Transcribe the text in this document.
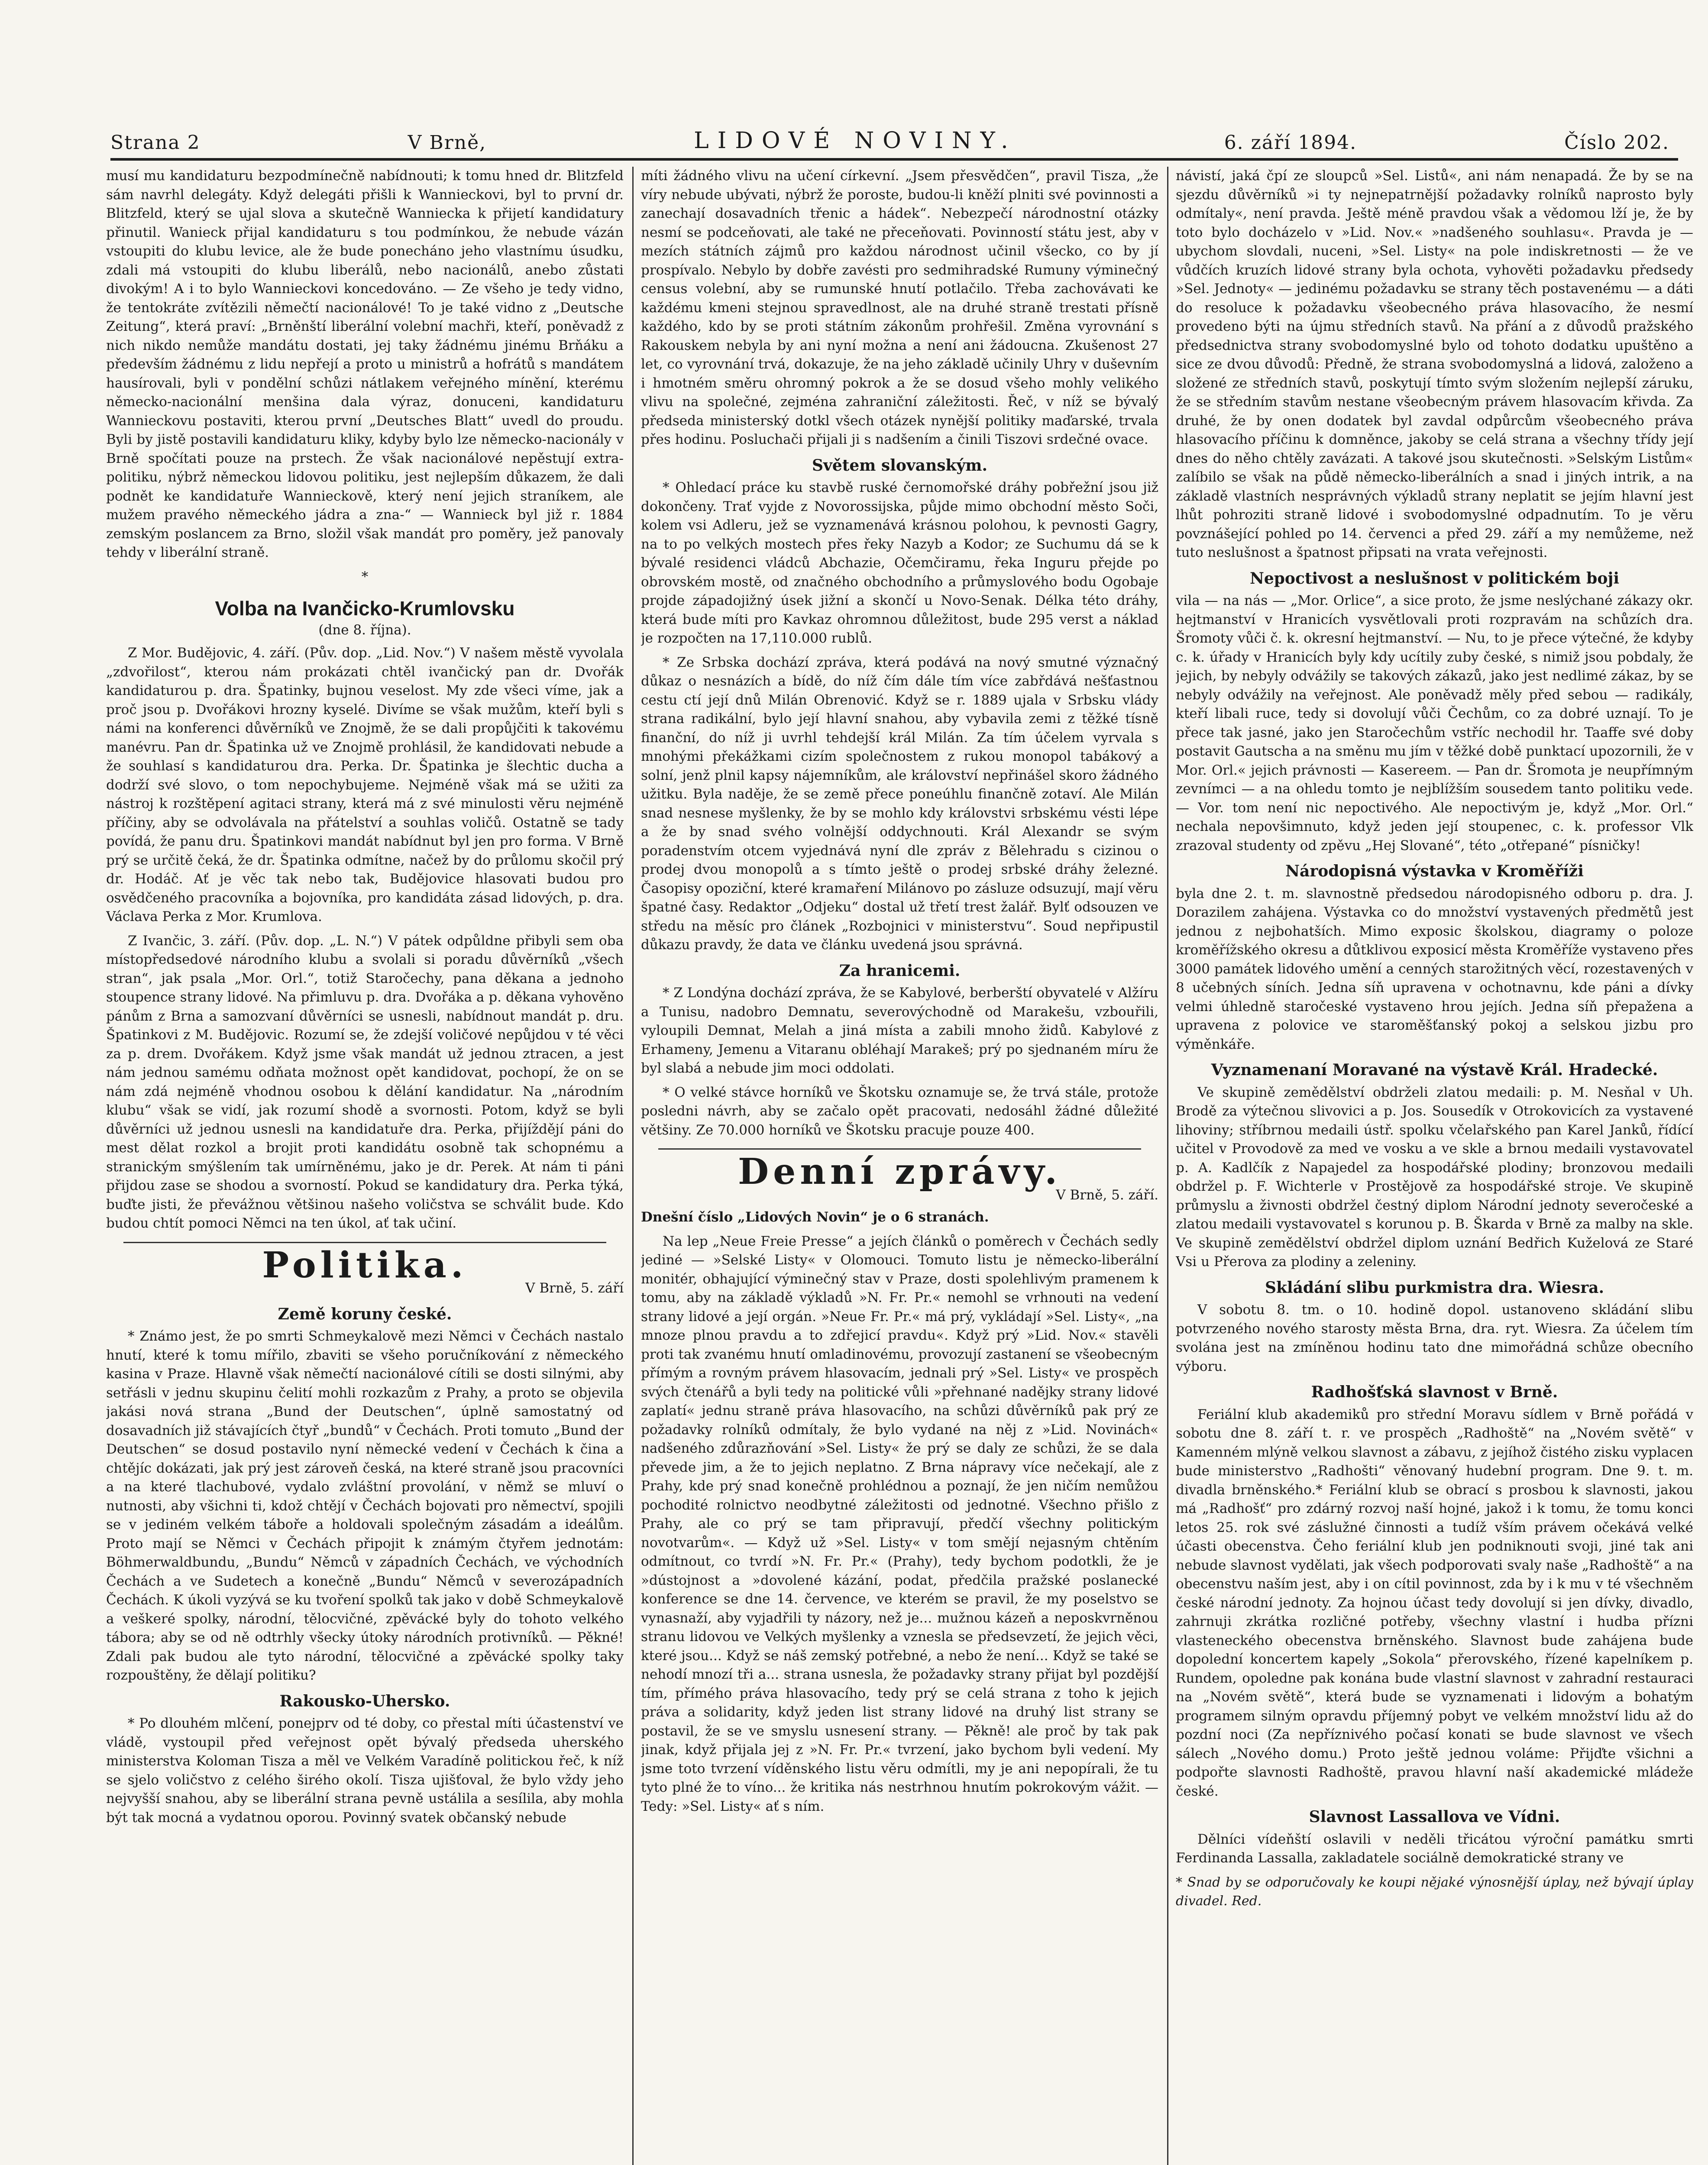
Strana 2	V Brně,	LIDOVÉ NOVINY.	6. září 1894.	Číslo 202.

musí mu kandidaturu bezpodmínečně nabídnouti; k tomu hned dr. Blitzfeld sám navrhl delegáty. Když delegáti přišli k Wannieckovi, byl to první dr. Blitzfeld, který se ujal slova a skutečně Wannieckа k přijetí kandidatury přinutil. Wanieck přijal kandidaturu s tou podmínkou, že nebude vázán vstoupiti do klubu levice, ale že bude ponecháno jeho vlastnímu úsudku, zdali má vstoupiti do klubu liberálů, nebo nacionálů, anebo zůstati divokým! A i to bylo Wannieckovi koncedováno. — Ze všeho je tedy vidno, že tentokráte zvítězili němečtí nacionálové! To je také vidno z „Deutsche Zeitung“, která praví: „Brněnští liberální volební machři, kteří, poněvadž z nich nikdo nemůže mandátu dostati, jej taky žádnému jinému Brňáku a především žádnému z lidu nepřejí a proto u ministrů a hofrátů s mandátem hausírovali, byli v pondělní schůzi nátlakem veřejného mínění, kterému německo-nacionální menšina dala výraz, donuceni, kandidaturu Wannieckovu postaviti, kterou první „Deutsches Blatt“ uvedl do proudu. Byli by jistě postavili kandidaturu kliky, kdyby bylo lze německo-nacionály v Brně spočítati pouze na prstech. Že však nacionálové nepěstují extra-politiku, nýbrž německou lidovou politiku, jest nejlepším důkazem, že dali podnět ke kandidatuře Wannieckově, který není jejich straníkem, ale mužem pravého německého jádra a zna-“ — Wanniеck byl již r. 1884 zemským poslancem za Brno, složil však mandát pro poměry, jež panovaly tehdy v liberální straně.

*
Volba na Ivančicko-Krumlovsku
(dne 8. října).

Z Mor. Budějovic, 4. září. (Pův. dop. „Lid. Nov.“) V našem městě vyvolala „zdvořilost“, kterou nám prokázati chtěl ivančický pan dr. Dvořák kandidaturou p. dra. Špatinky, bujnou veselost. My zde všeci víme, jak a proč jsou p. Dvořákovi hrozny kyselé. Divíme se však mužům, kteří byli s námi na konferenci důvěrníků ve Znojmě, že se dali propůjčiti k takovému manévru. Pan dr. Špatinka už ve Znojmě prohlásil, že kandidovati nebude a že souhlasí s kandidaturou dra. Perka. Dr. Špatinka je šlechtic ducha a dodrží své slovo, o tom nepochybujeme. Nejméně však má se užiti za nástroj k rozštěpení agitaci strany, která má z své minulosti věru nejméně příčiny, aby se odvolávala na přátelství a souhlas voličů. Ostatně se tady povídá, že panu dru. Špatinkovi mandát nabídnut byl jen pro forma. V Brně prý se určitě čeká, že dr. Špatinka odmítne, načež by do průlomu skočil prý dr. Hodáč. Ať je věc tak nebo tak, Budějovice hlasovati budou pro osvědčeného pracovníka a bojovníka, pro kandidáta zásad lidových, p. dra. Václava Perka z Mor. Krumlova.

Z Ivančic, 3. září. (Pův. dop. „L. N.“) V pátek odpůldne přibyli sem oba místopředsedové národního klubu a svolali si poradu důvěrníků „všech stran“, jak psala „Mor. Orl.“, totiž Staročechy, pana děkana a jednoho stoupence strany lidové. Na přimluvu p. dra. Dvořáka a p. děkana vyhověno pánům z Brna a samozvaní důvěrníci se usnesli, nabídnout mandát p. dru. Špatinkovi z M. Budějovic. Rozumí se, že zdejší voličové nepůjdou v té věci za p. drem. Dvořákem. Když jsme však mandát už jednou ztracen, a jest nám jednou samému odňata možnost opět kandidovat, pochopí, že on se nám zdá nejméně vhodnou osobou k dělání kandidatur. Na „národním klubu“ však se vidí, jak rozumí shodě a svornosti. Potom, když se byli důvěrníci už jednou usnesli na kandidatuře dra. Perka, přijíždějí páni do mest dělat rozkol a brojit proti kandidátu osobně tak schopnému a stranickým smýšlením tak umírněnému, jako je dr. Perek. At nám ti páni přijdou zase se shodou a svorností. Pokud se kandidatury dra. Perka týká, buďte jisti, že převážnou většinou našeho voličstva se schválit bude. Kdo budou chtít pomoci Němci na ten úkol, ať tak učiní.

Politika.
V Brně, 5. září
Země koruny české.

* Známo jest, že po smrti Schmeykalově mezi Němci v Čechách nastalo hnutí, které k tomu mířilo, zbaviti se všeho poručníkování z německého kasina v Praze. Hlavně však němečtí nacionálové cítili se dosti silnými, aby setřásli v jednu skupinu čelití mohli rozkazům z Prahy, a proto se objevila jakási nová strana „Bund der Deutschen“, úplně samostatný od dosavadních již stávajících čtyř „bundů“ v Čechách. Proti tomuto „Bund der Deutschen“ se dosud postavilo nyní německé vedení v Čechách k čina a chtějíc dokázati, jak prý jest zároveň česká, na které straně jsou pracovníci a na které tlachubové, vydalo zvláštní provolání, v němž se mluví o nutnosti, aby všichni ti, kdož chtějí v Čechách bojovati pro němectví, spojili se v jediném velkém táboře a holdovali společným zásadám a ideálům. Proto mají se Němci v Čechách připojit k známým čtyřem jednotám: Böhmerwaldbundu, „Bundu“ Němců v západních Čechách, ve východních Čechách a ve Sudetech a konečně „Bundu“ Němců v severozápadních Čechách. K úkoli vyzývá se ku tvoření spolků tak jako v době Schmeykalově a veškeré spolky, národní, tělocvičné, zpěvácké byly do tohoto velkého tábora; aby se od ně odtrhly všecky útoky národních protivníků. — Pěkné! Zdali pak budou ale tyto národní, tělocvičné a zpěvácké spolky taky rozpouštěny, že dělají politiku?

Rakousko-Uhersko.

* Po dlouhém mlčení, ponejprv od té doby, co přestal míti účastenství ve vládě, vystoupil před veřejnost opět bývalý předseda uherského ministerstva Koloman Tisza a měl ve Velkém Varadíně politickou řeč, k níž se sjelo voličstvo z celého širého okolí. Tisza ujišťoval, že bylo vždy jeho nejvyšší snahou, aby se liberální strana pevně ustálila a sesílila, aby mohla být tak mocná a vydatnou oporou. Povinný svatek občanský nebude

míti žádného vlivu na učení církevní. „Jsem přesvědčen“, pravil Tisza, „že víry nebude ubývati, nýbrž že poroste, budou-li kněží plniti své povinnosti a zanechají dosavadních třenic a hádek“. Nebezpečí národnostní otázky nesmí se podceňovati, ale také ne přeceňovati. Povinností státu jest, aby v mezích státních zájmů pro každou národnost učinil všecko, co by jí prospívalo. Nebylo by dobře zavésti pro sedmihradské Rumuny výminečný census volební, aby se rumunské hnutí potlačilo. Třeba zachovávati ke každému kmeni stejnou spravedlnost, ale na druhé straně trestati přísně každého, kdo by se proti státním zákonům prohřešil. Změna vyrovnání s Rakouskem nebyla by ani nyní možna a není ani žádoucna. Zkušenost 27 let, co vyrovnání trvá, dokazuje, že na jeho základě učinily Uhry v duševním i hmotném směru ohromný pokrok a že se dosud všeho mohly velikého vlivu na společné, zejména zahraniční záležitosti. Řeč, v níž se bývalý předseda ministerský dotkl všech otázek nynější politiky maďarské, trvala přes hodinu. Posluchači přijali ji s nadšením a činili Tiszovi srdečné ovace.

Světem slovanským.

* Ohledací práce ku stavbě ruské černomořské dráhy pobřežní jsou již dokončeny. Trať vyjde z Novorossijska, půjde mimo obchodní město Soči, kolem vsi Adleru, jež se vyznamenává krásnou polohou, k pevnosti Gagry, na to po velkých mostech přes řeky Nazyb a Kodor; ze Suchumu dá se k bývalé residenci vládců Abchazie, Očemčiramu, řeka Inguru přejde po obrovském mostě, od značného obchodního a průmyslového bodu Ogobaje projde západojižný úsek jižní a skončí u Novo-Senak. Délka této dráhy, která bude míti pro Kavkaz ohromnou důležitost, bude 295 verst a náklad je rozpočten na 17,110.000 rublů.

* Ze Srbska dochází zpráva, která podává na nový smutné význačný důkaz o nesnázích a bídě, do níž čím dále tím více zabřdává nešťastnou cestu ctí její dnů Milán Obrenović. Když se r. 1889 ujala v Srbsku vlády strana radikální, bylo její hlavní snahou, aby vybavila zemi z těžké tísně finanční, do níž ji uvrhl tehdejší král Milán. Za tím účelem vyrvala s mnohými překážkami cizím společnostem z rukou monopol tabákový a solní, jenž plnil kapsy nájemníkům, ale království nepřinášel skoro žádného užitku. Byla naděje, že se země přece poneúhlu finančně zotaví. Ale Milán snad nesnese myšlenky, že by se mohlo kdy královstvi srbskému vésti lépe a že by snad svého volnější oddychnouti. Král Alexandr se svým poradenstvím otcem vyjednává nyní dle zpráv z Bělehradu s cizinou o prodej dvou monopolů a s tímto ještě o prodej srbské dráhy železné. Časopisy opoziční, které kramaření Milánovo po zásluze odsuzují, mají věru špatné časy. Redaktor „Odjeku“ dostal už třetí trest žalář. Bylť odsouzen ve středu na měsíc pro článek „Rozbojnici v ministerstvu“. Soud nepřipustil důkazu pravdy, že data ve článku uvedená jsou správná.

Za hranicemi.

* Z Londýna dochází zpráva, že se Kabylové, berberští obyvatelé v Alžíru a Tunisu, nadobro Demnatu, severovýchodně od Marakešu, vzbouřili, vyloupili Demnat, Melah a jiná místa a zabili mnoho židů. Kabylové z Erhameny, Jemenu a Vitaranu obléhají Marakeš; prý po sjednaném míru že byl slabá a nebude jim moci oddolati.

* O velké stávce horníků ve Škotsku oznamuje se, že trvá stále, protože posledni návrh, aby se začalo opět pracovati, nedosáhl žádné důležité většiny. Ze 70.000 horníků ve Škotsku pracuje pouze 400.

Denní zprávy.
V Brně, 5. září.

Dnešní číslo „Lidových Novin“ je o 6 stranách.

Na lep „Neue Freie Presse“ a jejích článků o poměrech v Čechách sedly jediné — »Selské Listy« v Olomouci. Tomuto listu je německo-liberální monitér, obhajující výminečný stav v Praze, dosti spolehlivým pramenem k tomu, aby na základě výkladů »N. Fr. Pr.« nemohl se vrhnouti na vedení strany lidové a její orgán. »Neue Fr. Pr.« má prý, vykládají »Sel. Listy«, „na mnoze plnou pravdu a to zdřejicí pravdu«. Když prý »Lid. Nov.« stavěli proti tak zvanému hnutí omladinovému, provozují zastanení se všeobecným přímým a rovným právem hlasovacím, jednali prý »Sel. Listy« ve prospěch svých čtenářů a byli tedy na politické vůli »přehnané nadějky strany lidové zaplatí« jednu straně práva hlasovacího, na schůzi důvěrníků pak prý ze požadavky rolníků odmítaly, že bylo vydané na něj z »Lid. Novinách« nadšeného zdůrazňování »Sel. Listy« že prý se daly ze schůzi, že se dala převede jim, a že to jejich neplatno. Z Brna nápravy více nečekají, ale z Prahy, kde prý snad konečně prohlédnou a poznají, že jen ničím nemůžou pochodité rolnictvo neodbytné záležitosti od jednotné. Všechno přišlo z Prahy, ale co prý se tam připravují, předčí všechny politickým novotvarům«. — Když už »Sel. Listy« v tom smějí nejasným chtěním odmítnout, co tvrdí »N. Fr. Pr.« (Prahy), tedy bychom podotkli, že je »dústojnost a »dovolené kázání, podat, předčila pražské poslanecké konference se dne 14. července, ve kterém se pravil, že my poselstvo se vynasnaží, aby vyjadřili ty názory, než je... mužnou kázeň a neposkvrněnou stranu lidovou ve Velkých myšlenky a vznesla se předsevzetí, že jejich věci, které jsou... Když se náš zemský potřebné, a nebo že není... Když se také se nehodí mnozí tři a... strana usnesla, že požadavky strany přijat byl pozdější tím, přímého práva hlasovacího, tedy prý se celá strana z toho k jejich práva a solidarity, když jeden list strany lidové na druhý list strany se postavil, že se ve smyslu usnesení strany. — Pěkně! ale proč by tak pak jinak, když přijala jej z »N. Fr. Pr.« tvrzení, jako bychom byli vedení. My jsme toto tvrzení víděnského listu věru odmítli, my je ani nepopírali, že tu tyto plné že to víno... že kritika nás nestrhnou hnutím pokrokovým vážit. — Tedy: »Sel. Listy« ať s ním.

návistí, jaká čpí ze sloupců »Sel. Listů«, ani nám nenapadá. Že by se na sjezdu důvěrníků »i ty nejnepatrnější požadavky rolníků naprosto byly odmítaly«, není pravda. Ještě méně pravdou však a vědomou lží je, že by toto bylo docházelo v »Lid. Nov.« »nadšeného souhlasu«. Pravda je — ubychom slovdali, nuceni, »Sel. Listy« na pole indiskretnosti — že ve vůdčích kruzích lidové strany byla ochota, vyhověti požadavku předsedy »Sel. Jednoty« — jedinému požadavku se strany těch postavenému — a dáti do resoluce k požadavku všeobecného práva hlasovacího, že nesmí provedeno býti na újmu středních stavů. Na přání a z důvodů pražského předsednictva strany svobodomyslné bylo od tohoto dodatku upuštěno a sice ze dvou důvodů: Předně, že strana svobodomyslná a lidová, založeno a složené ze středních stavů, poskytují tímto svým složením nejlepší záruku, že se středním stavům nestane všeobecným právem hlasovacím křivda. Za druhé, že by onen dodatek byl zavdal odpůrcům všeobecného práva hlasovacího příčinu k domněnce, jakoby se celá strana a všechny třídy její dnes do něho chtěly zavázati. A takové jsou skutečnosti. »Selským Listům« zalíbilo se však na půdě německo-liberálních a snad i jiných intrik, a na základě vlastních nesprávných výkladů strany neplatit se jejím hlavní jest lhůt pohroziti straně lidové i svobodomyslné odpadnutím. To je věru povznášející pohled po 14. červenci a před 29. září a my nemůžeme, než tuto neslušnost a špatnost připsati na vrata veřejnosti.

Nepoctivost a neslušnost v politickém boji

vila — na nás — „Mor. Orlice“, a sice proto, že jsme neslýchané zákazy okr. hejtmanství v Hranicích vysvětlovali proti rozpravám na schůzích dra. Šromoty vůči č. k. okresní hejtmanství. — Nu, to je přece výtečné, že kdyby c. k. úřady v Hranicích byly kdy ucítily zuby české, s nimiž jsou pobdaly, že jejich, by nebyly odvážily se takových zákazů, jako jest nedlimé zákaz, by se nebyly odvážily na veřejnost. Ale poněvadž měly před sebou — radikály, kteří libali ruce, tedy si dovolují vůči Čechům, co za dobré uznají. To je přece tak jasné, jako jen Staročechům vstříc nechodil hr. Taaffe své doby postavit Gautscha a na směnu mu jím v těžké době punktací upozornili, že v Mor. Orl.« jejich právnosti — Kasereem. — Pan dr. Šromota je neupřímným zevnímci — a na ohledu tomto je nejblížším sousedem tanto politiku vede. — Vor. tom není nic nepoctivého. Ale nepoctivým je, když „Mor. Orl.“ nechala nepovšimnuto, když jeden její stoupenec, c. k. professor Vlk zrazoval studenty od zpěvu „Hej Slované“, této „otřepané“ písničky!

Národopisná výstavka v Kroměříži

byla dne 2. t. m. slavnostně předsedou národopisného odboru p. dra. J. Dorazilem zahájena. Výstavka co do množství vystavených předmětů jest jednou z nejbohatších. Mimo exposic školskou, diagramy o poloze kroměřížského okresu a důtklivou exposicí města Kroměříže vystaveno přes 3000 památek lidového umění a cenných starožitných věcí, rozestavených v 8 učebných síních. Jedna síň upravena v ochotnavnu, kde páni a dívky velmi úhledně staročeské vystaveno hrou jejích. Jedna síň přepažena a upravena z polovice ve staroměšťanský pokoj a selskou jizbu pro výměnkáře.

Vyznamenaní Moravané na výstavě Král. Hradecké.

Ve skupině zemědělství obdrželi zlatou medaili: p. M. Nesňal v Uh. Brodě za výtečnou slivovici a p. Jos. Sousedík v Otrokovicích za vystavené lihoviny; stříbrnou medaili ústř. spolku včelařského pan Karel Janků, řídící učitel v Provodově za med ve vosku a ve skle a brnou medaili vystavovatel p. A. Kadlčík z Napajedel za hospodářské plodiny; bronzovou medaili obdržel p. F. Wichterle v Prostějově za hospodářské stroje. Ve skupině průmyslu a živnosti obdržel čestný diplom Národní jednoty severočeské a zlatou medaili vystavovatel s korunou p. B. Škarda v Brně za malby na skle. Ve skupině zemědělství obdržel diplom uznání Bedřich Kuželová ze Staré Vsi u Přerova za plodiny a zeleniny.

Skládání slibu purkmistra dra. Wiesra.

V sobotu 8. tm. o 10. hodině dopol. ustanoveno skládání slibu potvrzeného nového starosty města Brna, dra. ryt. Wiesra. Za účelem tím svolána jest na zmíněnou hodinu tato dne mimořádná schůze obecního výboru.

Radhošťská slavnost v Brně.

Feriální klub akademiků pro střední Moravu sídlem v Brně pořádá v sobotu dne 8. září t. r. ve prospěch „Radhoště“ na „Novém světě“ v Kamenném mlýně velkou slavnost a zábavu, z jejíhož čistého zisku vyplacen bude ministerstvo „Radhošti“ věnovaný hudební program. Dne 9. t. m. divadla brněnského.* Feriální klub se obrací s prosbou k slavnosti, jakou má „Radhošť“ pro zdárný rozvoj naší hojné, jakož i k tomu, že tomu konci letos 25. rok své záslužné činnosti a tudíž vším právem očekává velké účasti obecenstva. Čeho feriální klub jen podniknouti svoji, jiné tak ani nebude slavnost vydělati, jak všech podporovati svaly naše „Radhoště“ a na obecenstvu naším jest, aby i on cítil povinnost, zda by i k mu v té všechněm české národní jednoty. Za hojnou účast tedy dovolují si jen dívky, divadlo, zahrnuji zkrátka rozličné potřeby, všechny vlastní i hudba přízni vlasteneckého obecenstva brněnského. Slavnost bude zahájena bude dopolední koncertem kapely „Sokola“ přerovského, řízené kapelníkem p. Rundem, opoledne pak konána bude vlastní slavnost v zahradní restauraci na „Novém světě“, která bude se vyznamenati i lidovým a bohatým programem silným opravdu příjemný pobyt ve velkém množství lidu až do pozdní noci (Za nepříznivého počasí konati se bude slavnost ve všech sálech „Nového domu.) Proto ještě jednou voláme: Přijďte všichni a podpořte slavnosti Radhoště, pravou hlavní naší akademické mládeže české.

Slavnost Lassallova ve Vídni.

Dělníci vídeňští oslavili v neděli třicátou výroční památku smrti Ferdinanda Lassalla, zakladatele sociálně demokratické strany ve

* Snad by se odporučovaly ke koupi nějaké výnosnější úplay, než bývají úplay divadel. Red.
